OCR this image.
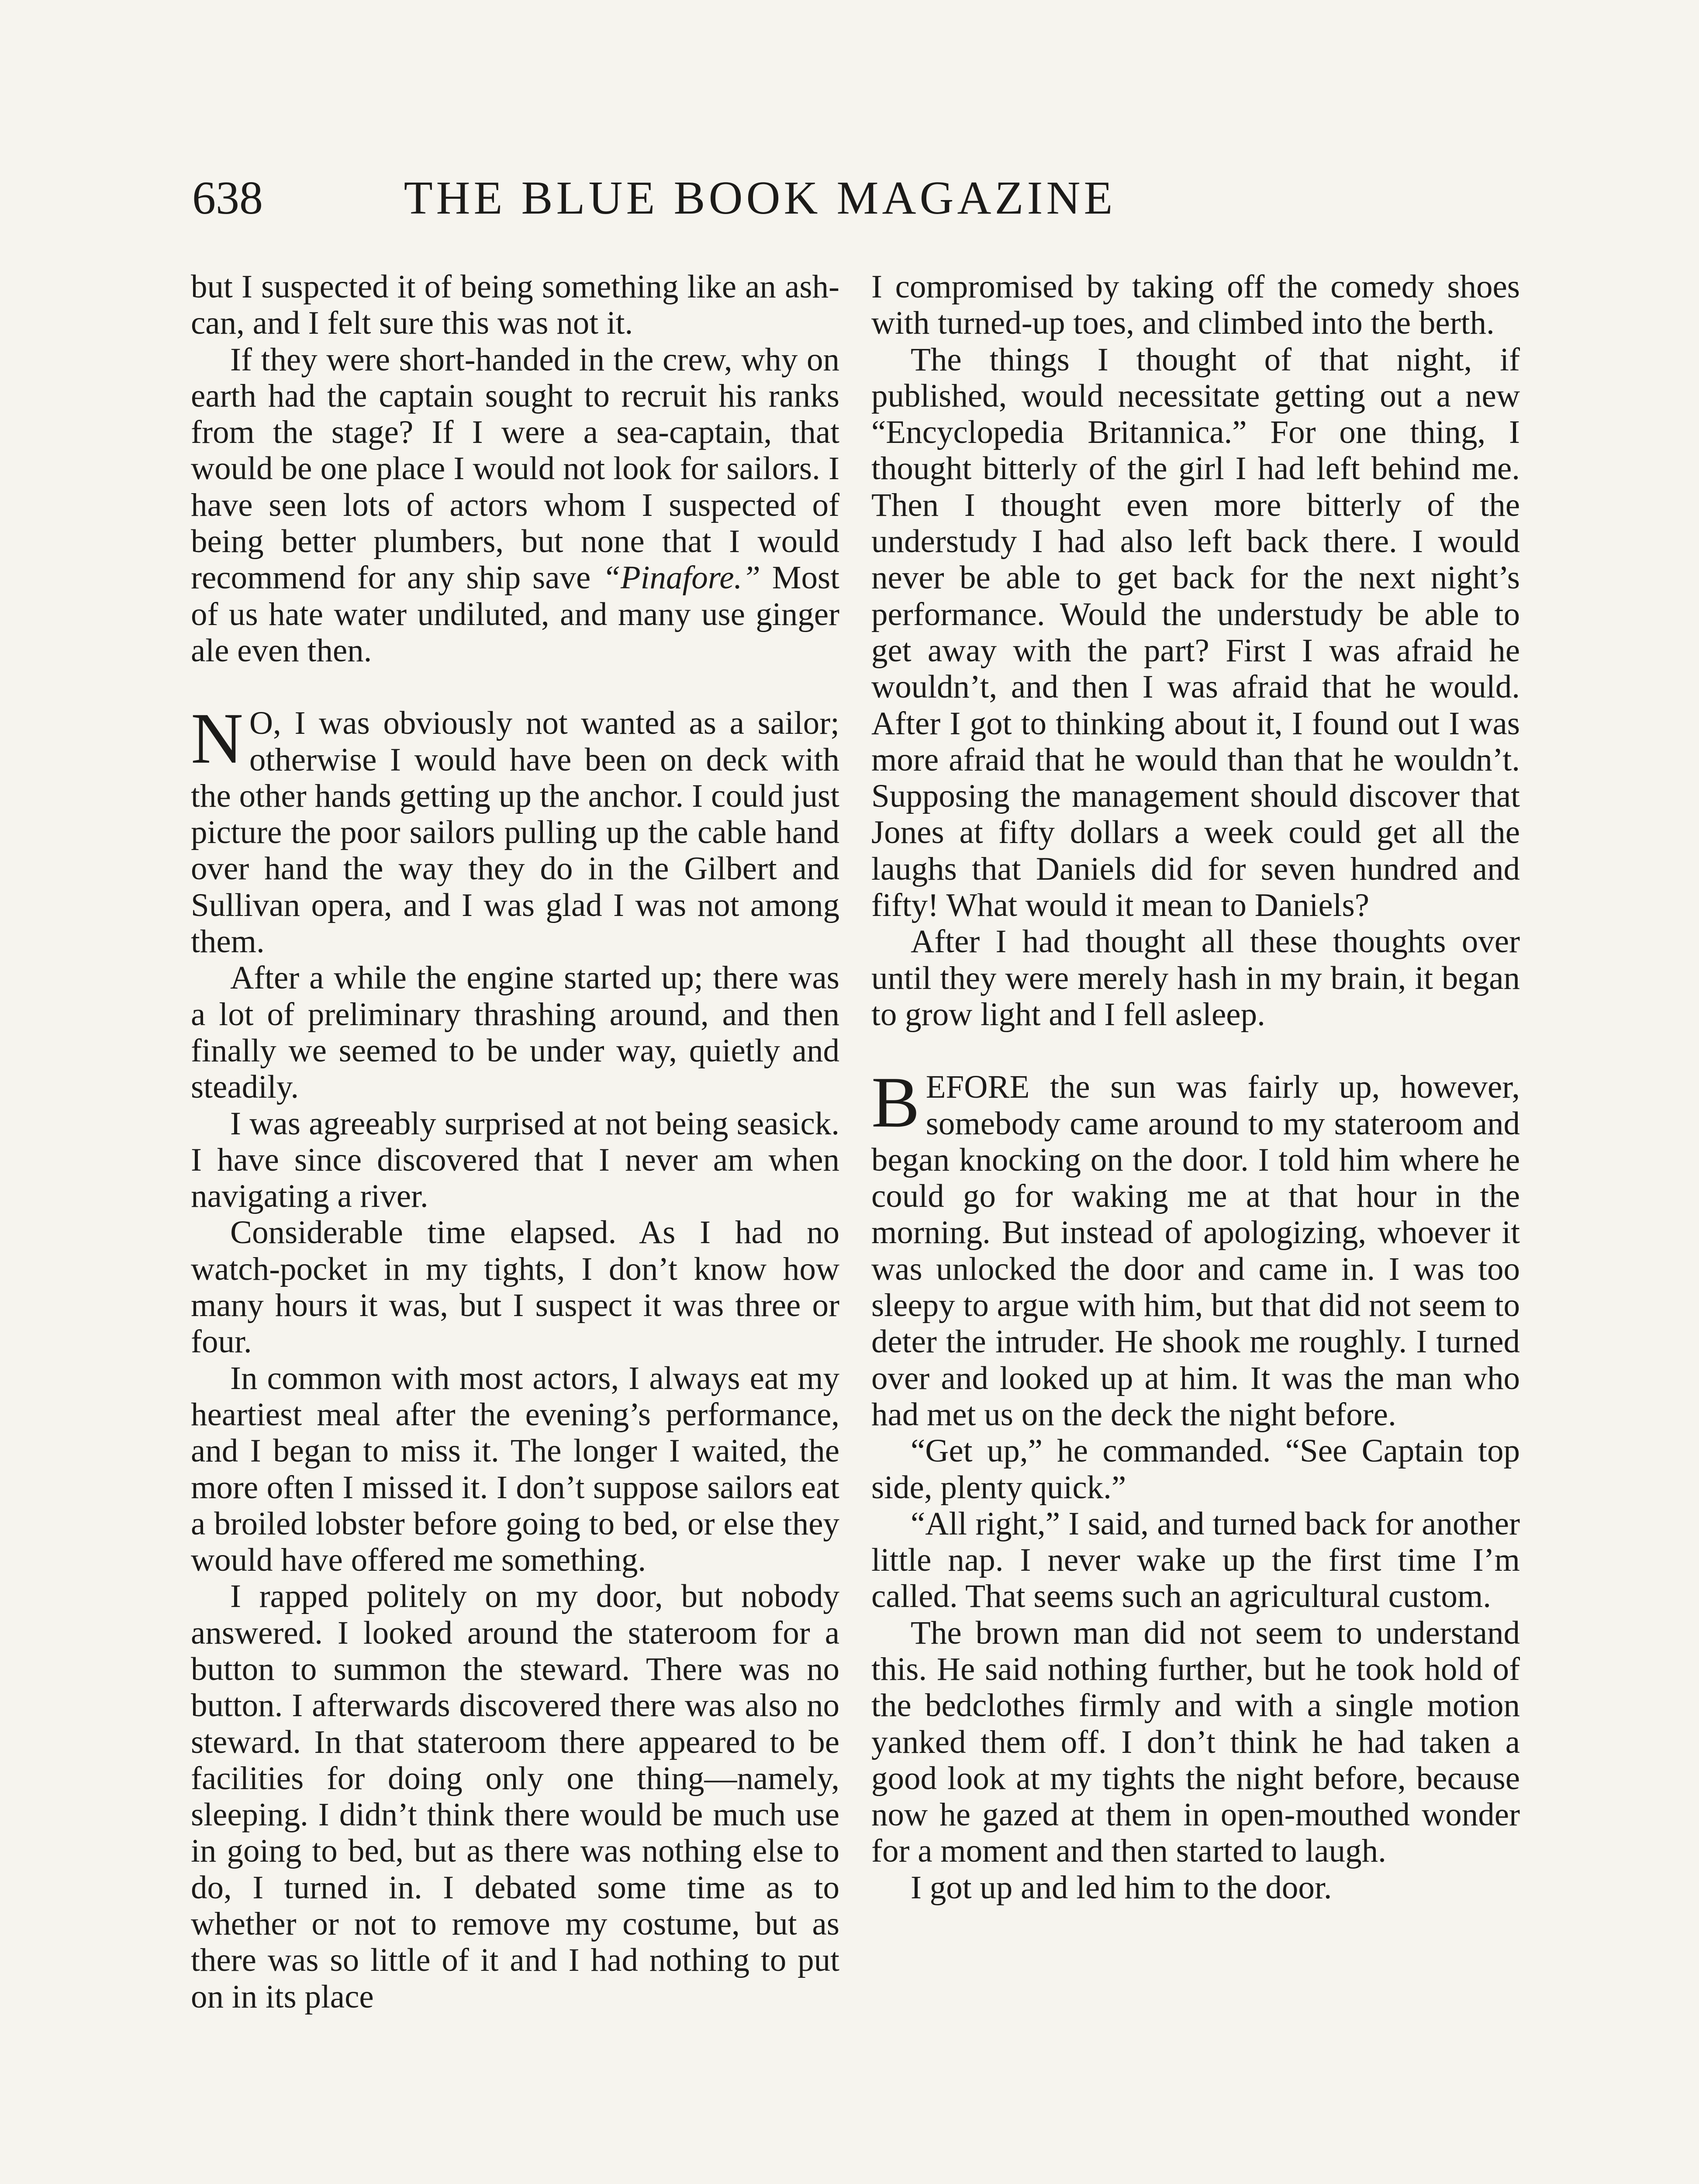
638	THE BLUE BOOK MAGAZINE

but I suspected it of being something like an ash-can, and I felt sure this was not it.

If they were short-handed in the crew, why on earth had the captain sought to recruit his ranks from the stage? If I were a sea-captain, that would be one place I would not look for sailors. I have seen lots of actors whom I suspected of being better plumbers, but none that I would recommend for any ship save “Pinafore.” Most of us hate water undiluted, and many use ginger ale even then.

N O, I was obviously not wanted as a sailor; otherwise I would have been on deck with the other hands getting up the anchor. I could just picture the poor sailors pulling up the cable hand over hand the way they do in the Gilbert and Sullivan opera, and I was glad I was not among them.

After a while the engine started up; there was a lot of preliminary thrashing around, and then finally we seemed to be under way, quietly and steadily.

I was agreeably surprised at not being seasick. I have since discovered that I never am when navigating a river.

Considerable time elapsed. As I had no watch-pocket in my tights, I don’t know how many hours it was, but I suspect it was three or four.

In common with most actors, I always eat my heartiest meal after the evening’s performance, and I began to miss it. The longer I waited, the more often I missed it. I don’t suppose sailors eat a broiled lobster before going to bed, or else they would have offered me something.

I rapped politely on my door, but nobody answered. I looked around the stateroom for a button to summon the steward. There was no button. I afterwards discovered there was also no steward. In that stateroom there appeared to be facilities for doing only one thing—namely, sleeping. I didn’t think there would be much use in going to bed, but as there was nothing else to do, I turned in. I debated some time as to whether or not to remove my costume, but as there was so little of it and I had nothing to put on in its place

I compromised by taking off the comedy shoes with turned-up toes, and climbed into the berth.

The things I thought of that night, if published, would necessitate getting out a new “Encyclopedia Britannica.” For one thing, I thought bitterly of the girl I had left behind me. Then I thought even more bitterly of the understudy I had also left back there. I would never be able to get back for the next night’s performance. Would the understudy be able to get away with the part? First I was afraid he wouldn’t, and then I was afraid that he would. After I got to thinking about it, I found out I was more afraid that he would than that he wouldn’t. Supposing the management should discover that Jones at fifty dollars a week could get all the laughs that Daniels did for seven hundred and fifty! What would it mean to Daniels?

After I had thought all these thoughts over until they were merely hash in my brain, it began to grow light and I fell asleep.

BEFORE the sun was fairly up, however, somebody came around to my stateroom and began knocking on the door. I told him where he could go for waking me at that hour in the morning. But instead of apologizing, whoever it was unlocked the door and came in. I was too sleepy to argue with him, but that did not seem to deter the intruder. He shook me roughly. I turned over and looked up at him. It was the man who had met us on the deck the night before.

“Get up,” he commanded. “See Captain top side, plenty quick.”

“All right,” I said, and turned back for another little nap. I never wake up the first time I’m called. That seems such an agricultural custom.

The brown man did not seem to understand this. He said nothing further, but he took hold of the bedclothes firmly and with a single motion yanked them off. I don’t think he had taken a good look at my tights the night before, because now he gazed at them in open-mouthed wonder for a moment and then started to laugh.

I got up and led him to the door.
